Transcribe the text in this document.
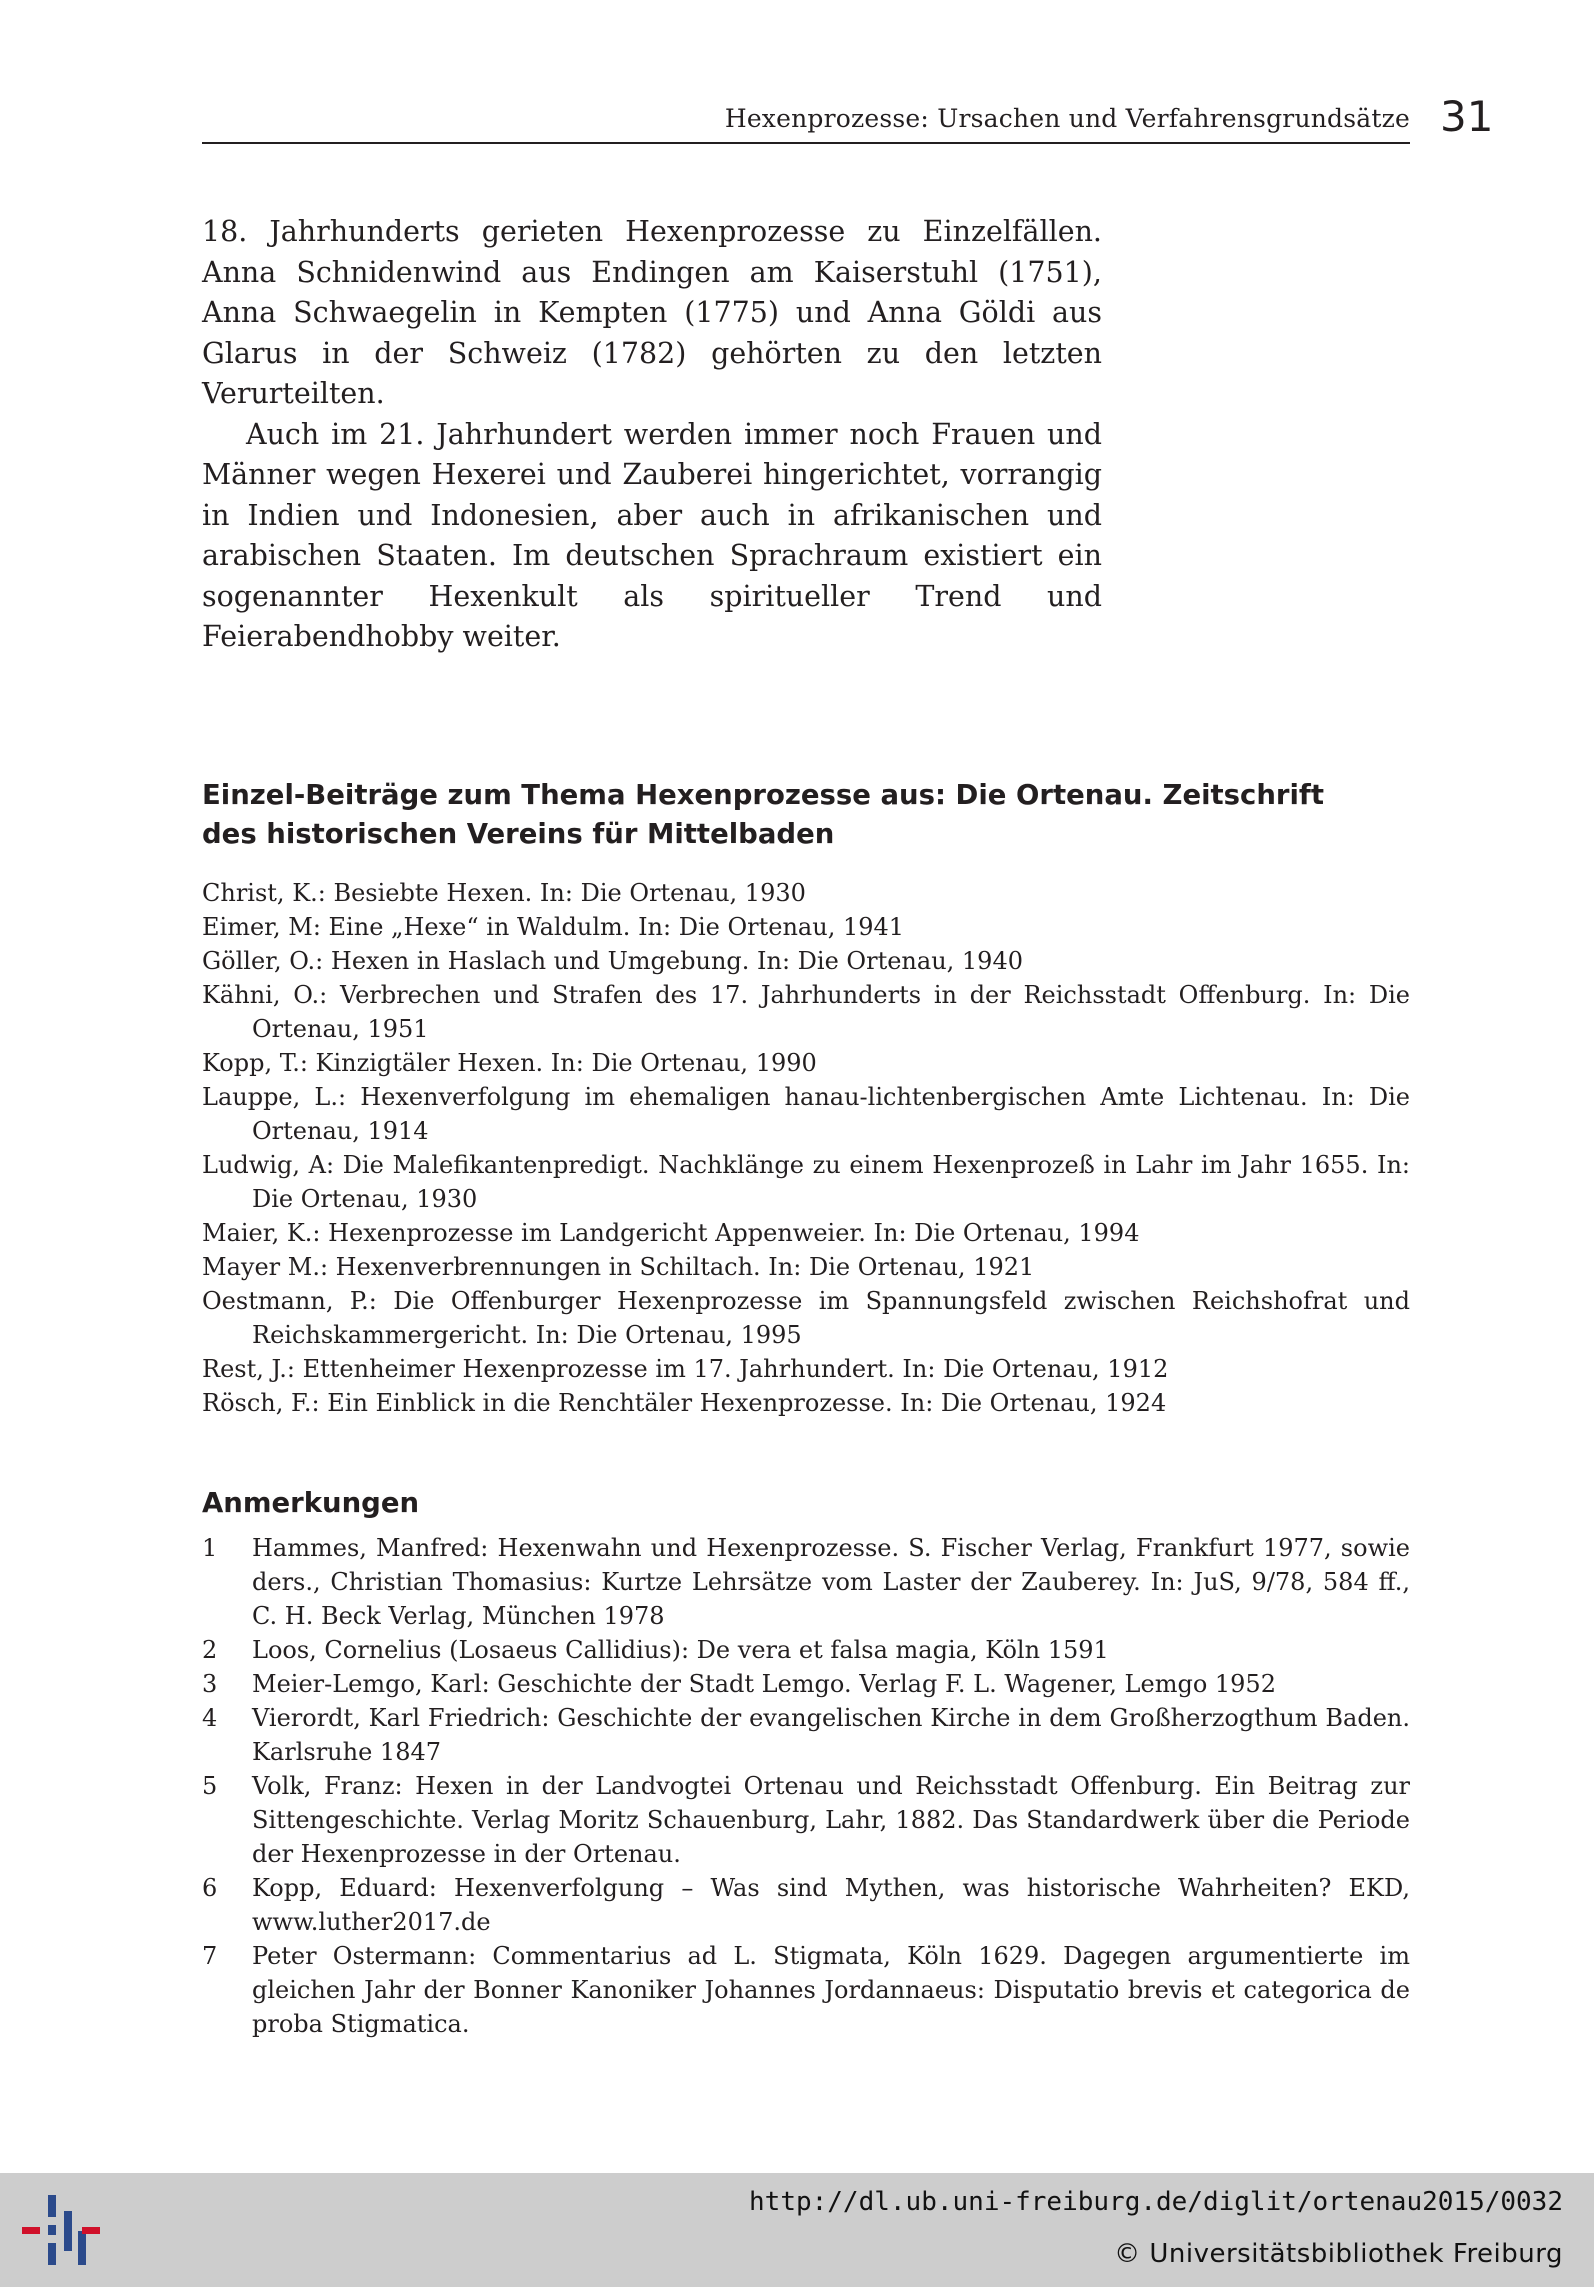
Hexenprozesse: Ursachen und Verfahrensgrundsätze 31

18. Jahrhunderts gerieten Hexenprozesse zu Einzelfällen. Anna Schnidenwind aus Endingen am Kaiserstuhl (1751), Anna Schwaegelin in Kempten (1775) und Anna Göldi aus Glarus in der Schweiz (1782) gehörten zu den letzten Verurteilten.

Auch im 21. Jahrhundert werden immer noch Frauen und Männer wegen Hexerei und Zauberei hingerichtet, vorrangig in Indien und Indonesien, aber auch in afrikanischen und arabischen Staaten. Im deutschen Sprachraum existiert ein sogenannter Hexenkult als spiritueller Trend und Feierabendhobby weiter.

Einzel-Beiträge zum Thema Hexenprozesse aus: Die Ortenau. Zeitschrift des historischen Vereins für Mittelbaden
Christ, K.: Besiebte Hexen. In: Die Ortenau, 1930
Eimer, M: Eine „Hexe“ in Waldulm. In: Die Ortenau, 1941
Göller, O.: Hexen in Haslach und Umgebung. In: Die Ortenau, 1940
Kähni, O.: Verbrechen und Strafen des 17. Jahrhunderts in der Reichsstadt Offenburg. In: Die Ortenau, 1951
Kopp, T.: Kinzigtäler Hexen. In: Die Ortenau, 1990
Lauppe, L.: Hexenverfolgung im ehemaligen hanau-lichtenbergischen Amte Lichtenau. In: Die Ortenau, 1914
Ludwig, A: Die Malefikantenpredigt. Nachklänge zu einem Hexenprozeß in Lahr im Jahr 1655. In: Die Ortenau, 1930
Maier, K.: Hexenprozesse im Landgericht Appenweier. In: Die Ortenau, 1994
Mayer M.: Hexenverbrennungen in Schiltach. In: Die Ortenau, 1921
Oestmann, P.: Die Offenburger Hexenprozesse im Spannungsfeld zwischen Reichshofrat und Reichskammergericht. In: Die Ortenau, 1995
Rest, J.: Ettenheimer Hexenprozesse im 17. Jahrhundert. In: Die Ortenau, 1912
Rösch, F.: Ein Einblick in die Renchtäler Hexenprozesse. In: Die Ortenau, 1924
Anmerkungen
1 Hammes, Manfred: Hexenwahn und Hexenprozesse. S. Fischer Verlag, Frankfurt 1977, sowie ders., Christian Thomasius: Kurtze Lehrsätze vom Laster der Zauberey. In: JuS, 9/78, 584 ff., C. H. Beck Verlag, München 1978
2 Loos, Cornelius (Losaeus Callidius): De vera et falsa magia, Köln 1591
3 Meier-Lemgo, Karl: Geschichte der Stadt Lemgo. Verlag F. L. Wagener, Lemgo 1952
4 Vierordt, Karl Friedrich: Geschichte der evangelischen Kirche in dem Großherzogthum Baden. Karlsruhe 1847
5 Volk, Franz: Hexen in der Landvogtei Ortenau und Reichsstadt Offenburg. Ein Beitrag zur Sittengeschichte. Verlag Moritz Schauenburg, Lahr, 1882. Das Standardwerk über die Periode der Hexenprozesse in der Ortenau.
6 Kopp, Eduard: Hexenverfolgung – Was sind Mythen, was historische Wahrheiten? EKD, www.luther2017.de
7 Peter Ostermann: Commentarius ad L. Stigmata, Köln 1629. Dagegen argumentierte im gleichen Jahr der Bonner Kanoniker Johannes Jordannaeus: Disputatio brevis et categorica de proba Stigmatica.
http://dl.ub.uni-freiburg.de/diglit/ortenau2015/0032
© Universitätsbibliothek Freiburg
